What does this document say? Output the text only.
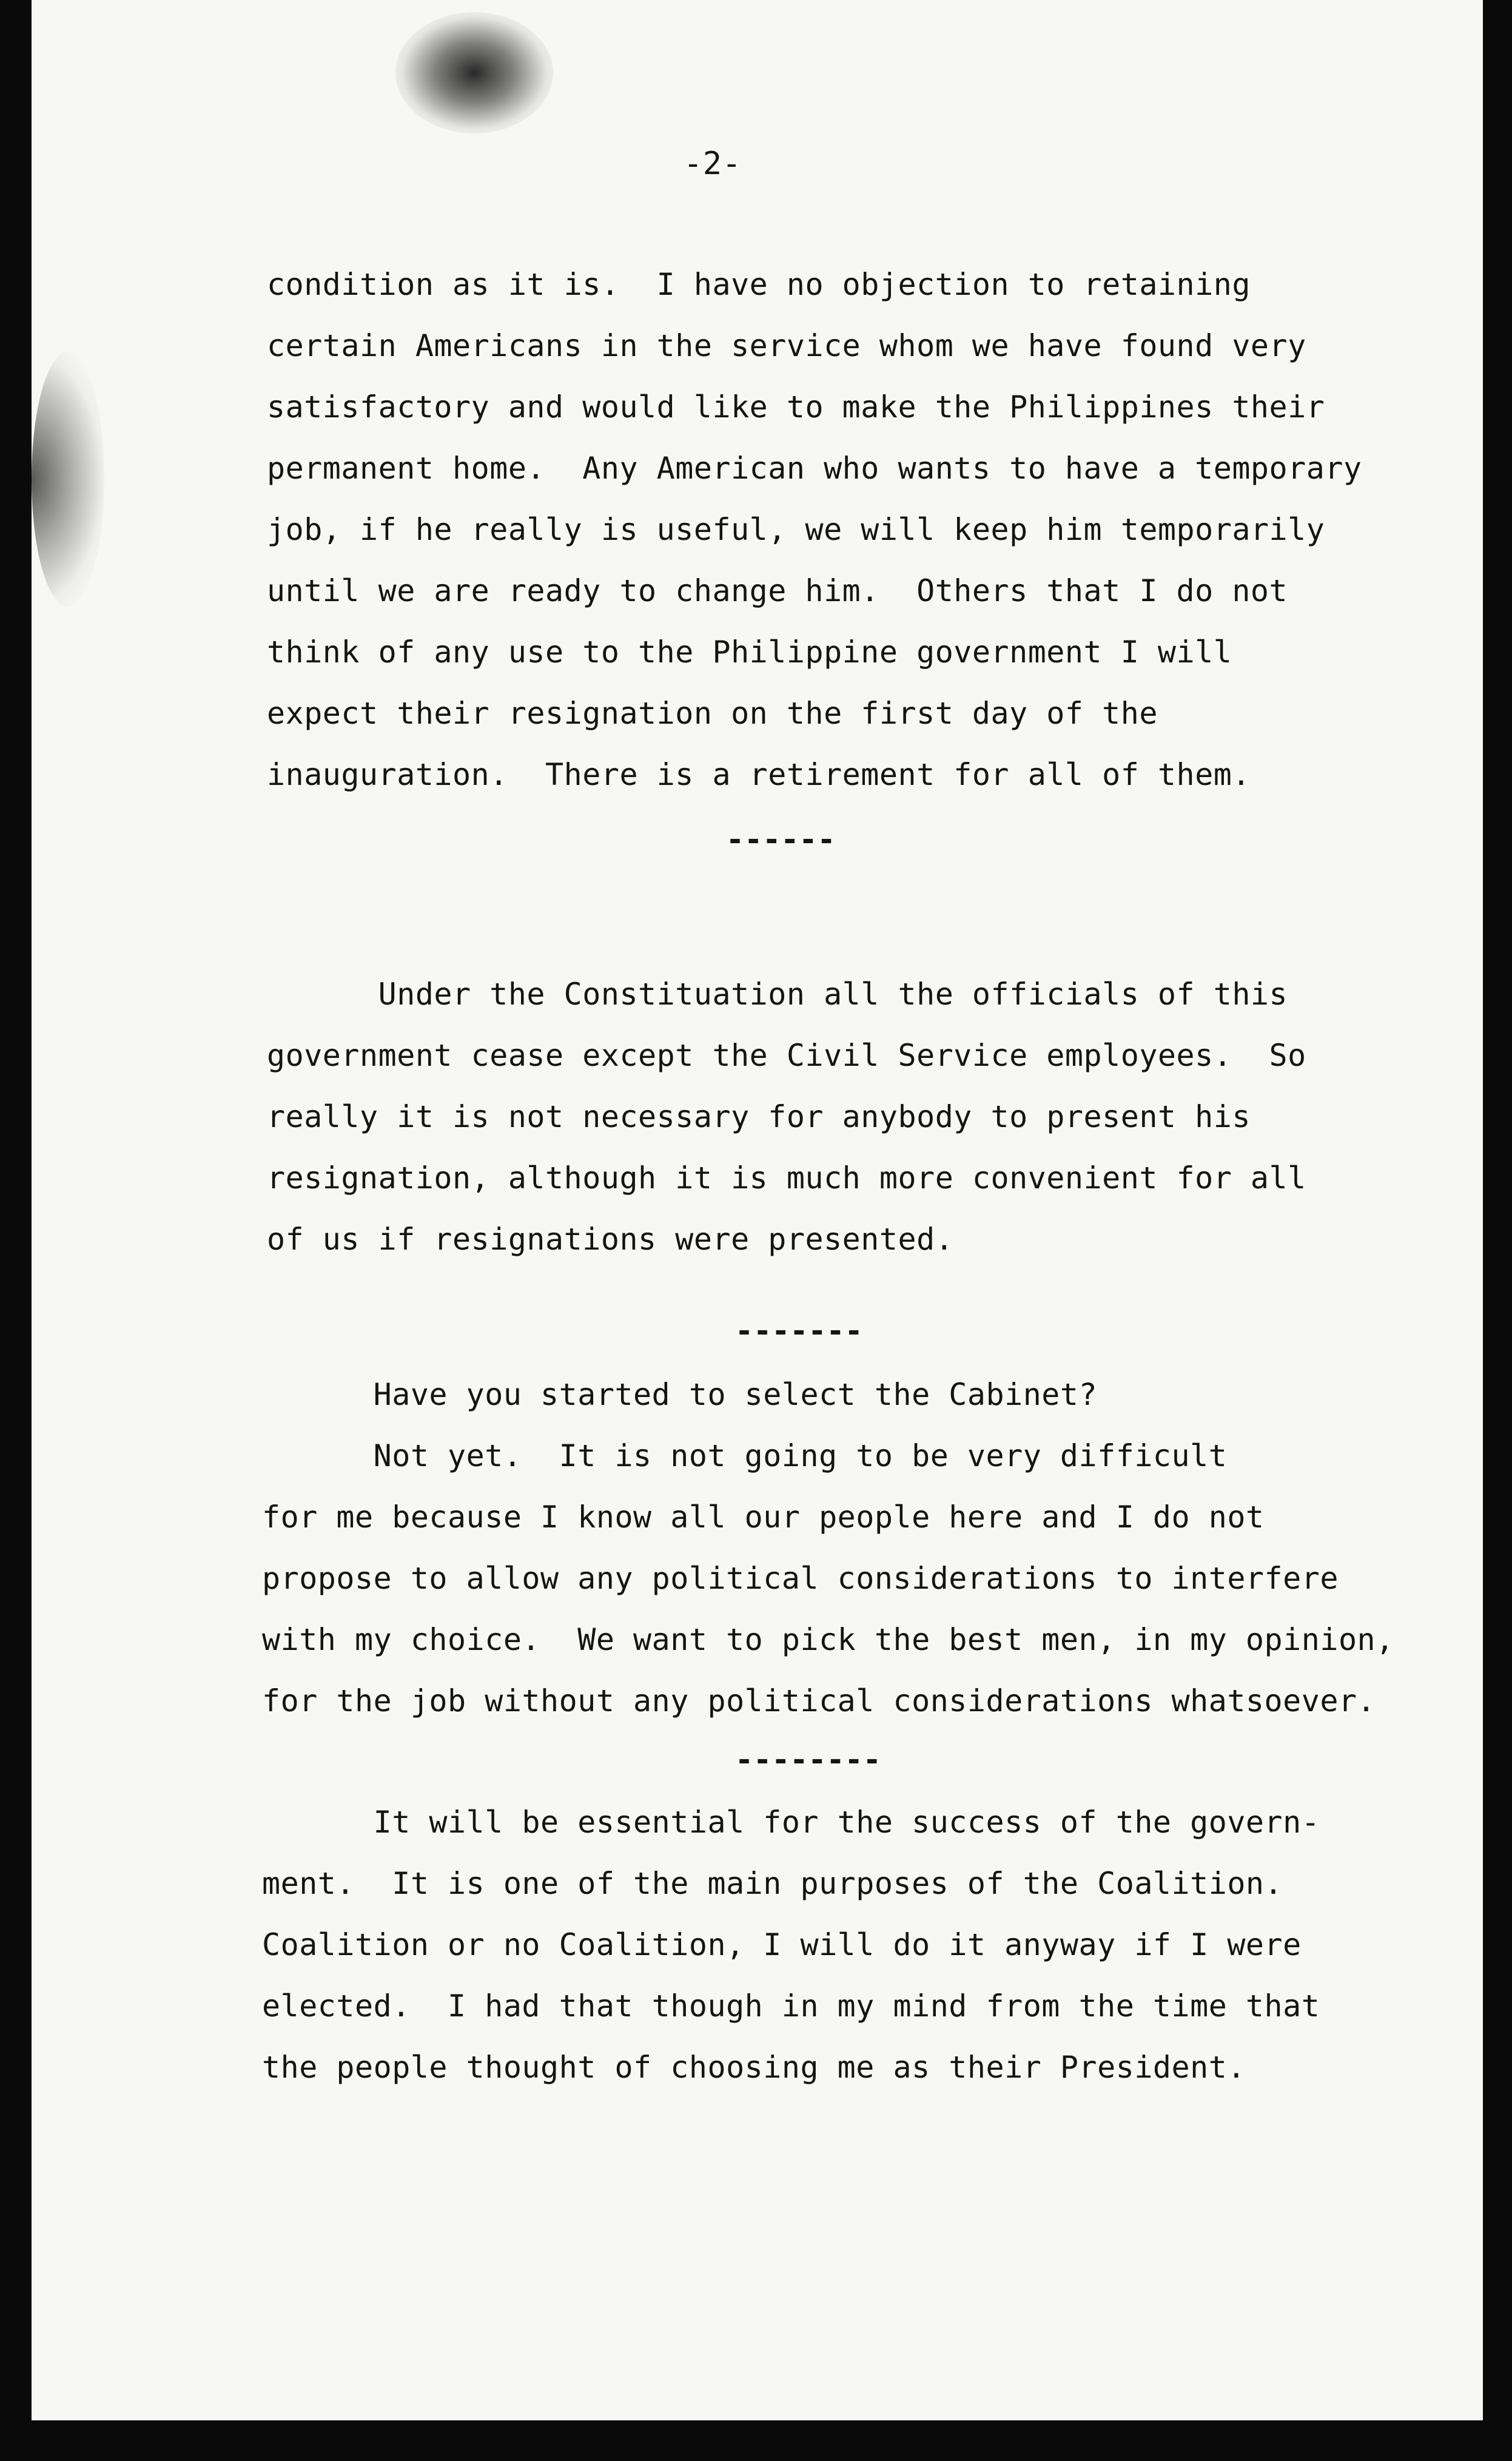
-2-
condition as it is.  I have no objection to retaining
certain Americans in the service whom we have found very
satisfactory and would like to make the Philippines their
permanent home.  Any American who wants to have a temporary
job, if he really is useful, we will keep him temporarily
until we are ready to change him.  Others that I do not
think of any use to the Philippine government I will
expect their resignation on the first day of the
inauguration.  There is a retirement for all of them.
------
Under the Constituation all the officials of this
government cease except the Civil Service employees.  So
really it is not necessary for anybody to present his
resignation, although it is much more convenient for all
of us if resignations were presented.
-------
Have you started to select the Cabinet?
Not yet.  It is not going to be very difficult
for me because I know all our people here and I do not
propose to allow any political considerations to interfere
with my choice.  We want to pick the best men, in my opinion,
for the job without any political considerations whatsoever.
--------
It will be essential for the success of the govern-
ment.  It is one of the main purposes of the Coalition.
Coalition or no Coalition, I will do it anyway if I were
elected.  I had that though in my mind from the time that
the people thought of choosing me as their President.
